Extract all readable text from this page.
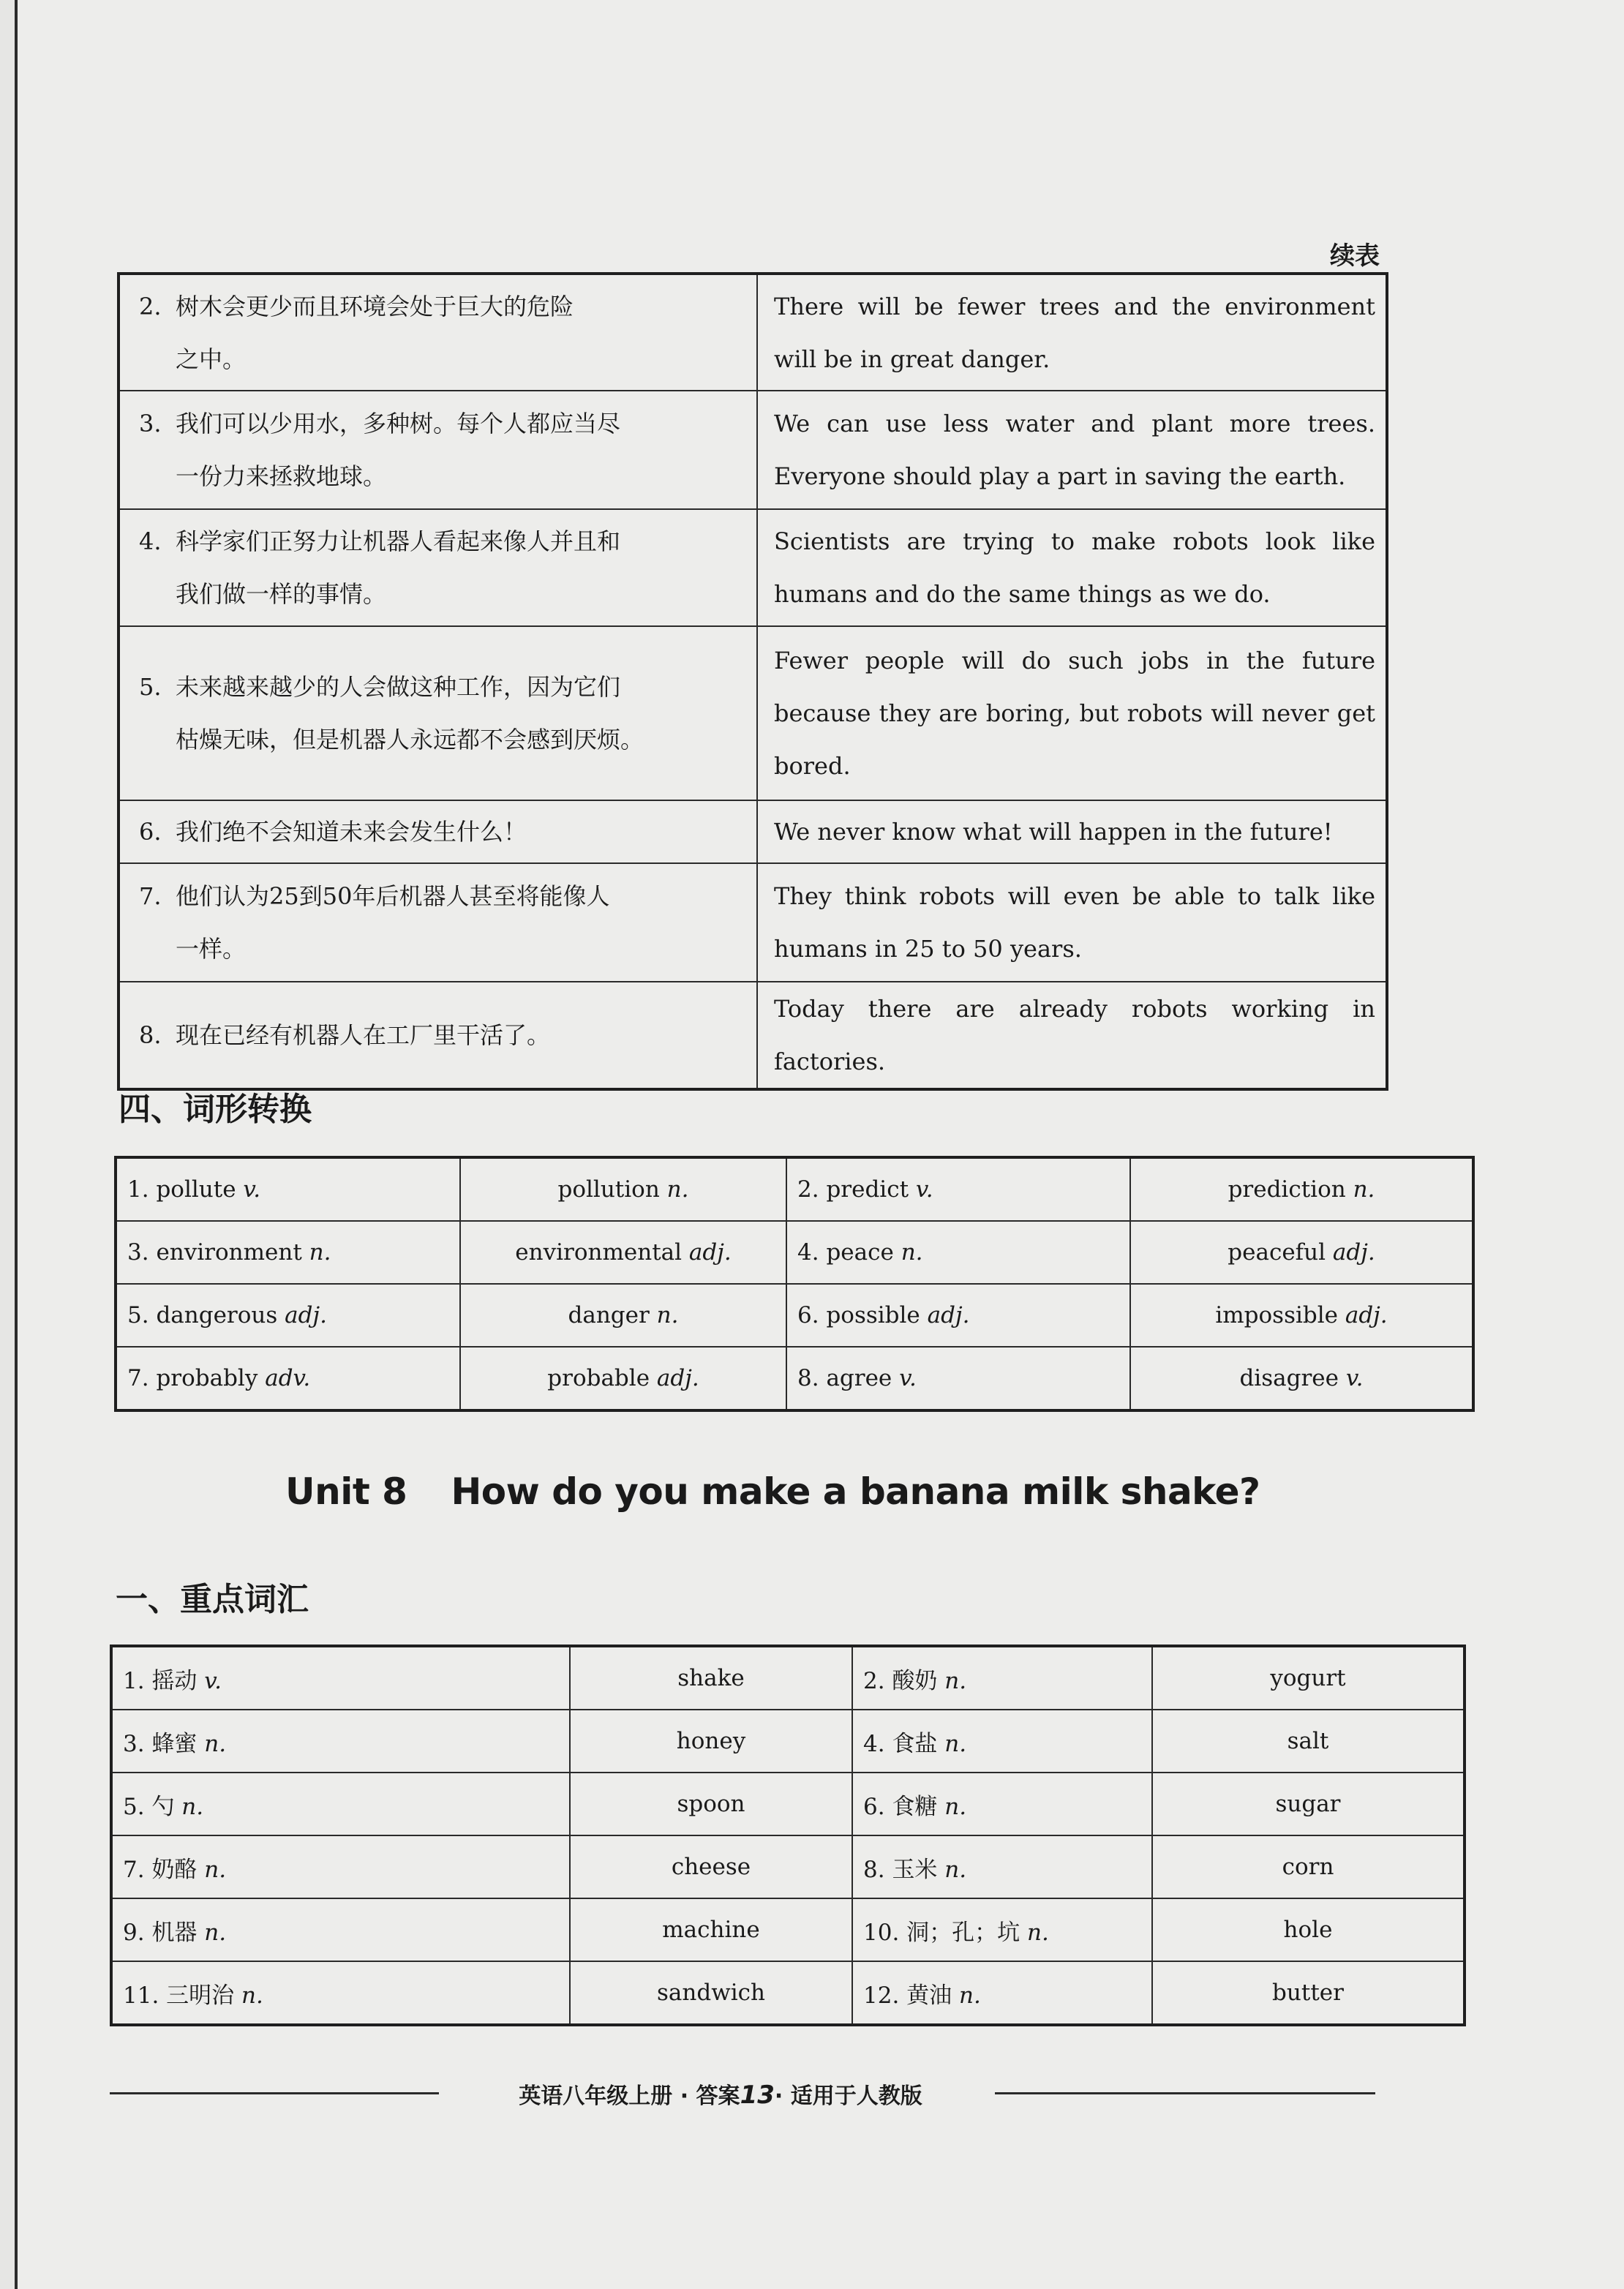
续表
2. 树木会更少而且环境会处于巨大的危险
之中。	There will be fewer trees and the environment will be in great danger.
3. 我们可以少用水，多种树。每个人都应当尽
一份力来拯救地球。	We can use less water and plant more trees. Everyone should play a part in saving the earth.
4. 科学家们正努力让机器人看起来像人并且和
我们做一样的事情。	Scientists are trying to make robots look like humans and do the same things as we do.
5. 未来越来越少的人会做这种工作，因为它们
枯燥无味，但是机器人永远都不会感到厌烦。	Fewer people will do such jobs in the future because they are boring, but robots will never get bored.
6. 我们绝不会知道未来会发生什么！	We never know what will happen in the future!
7. 他们认为25到50年后机器人甚至将能像人
一样。	They think robots will even be able to talk like humans in 25 to 50 years.
8. 现在已经有机器人在工厂里干活了。	Today there are already robots working in factories.
四、词形转换
1. pollute v.	pollution n.	2. predict v.	prediction n.
3. environment n.	environmental adj.	4. peace n.	peaceful adj.
5. dangerous adj.	danger n.	6. possible adj.	impossible adj.
7. probably adv.	probable adj.	8. agree v.	disagree v.
Unit 8 How do you make a banana milk shake?
一、重点词汇
1. 摇动 v.	shake	2. 酸奶 n.	yogurt
3. 蜂蜜 n.	honey	4. 食盐 n.	salt
5. 勺 n.	spoon	6. 食糖 n.	sugar
7. 奶酪 n.	cheese	8. 玉米 n.	corn
9. 机器 n.	machine	10. 洞；孔；坑 n.	hole
11. 三明治 n.	sandwich	12. 黄油 n.	butter
英语八年级上册 · 答案13· 适用于人教版
